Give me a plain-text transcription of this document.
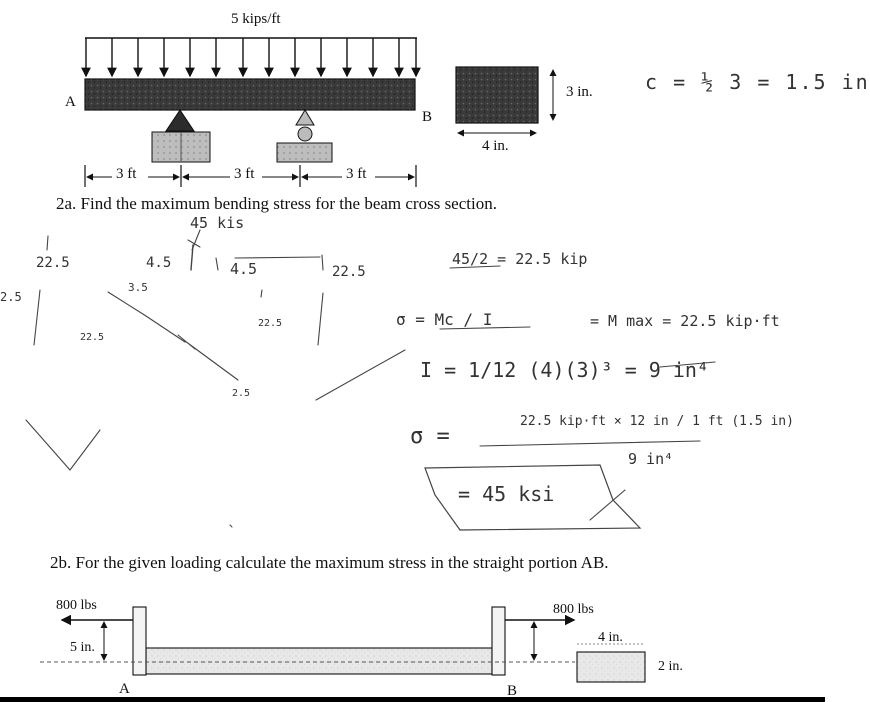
5 kips/ft
A
B
3 ft	3 ft	3 ft
3 in.
4 in.
2a. Find the maximum bending stress for the beam cross section.
c = ½ 3 = 1.5 in
45 kis
22.5	4.5	4.5	22.5
2.5
3.5
22.5
22.5
2.5
45/2 = 22.5 kip
σ = Mc / I	= M max = 22.5 kip·ft
I = 1/12 (4)(3)³ = 9 in⁴
σ =
22.5 kip·ft × 12 in / 1 ft (1.5 in)
9 in⁴
= 45 ksi
2b. For the given loading calculate the maximum stress in the straight portion AB.
800 lbs	800 lbs
5 in.
A	B
4 in.
2 in.
